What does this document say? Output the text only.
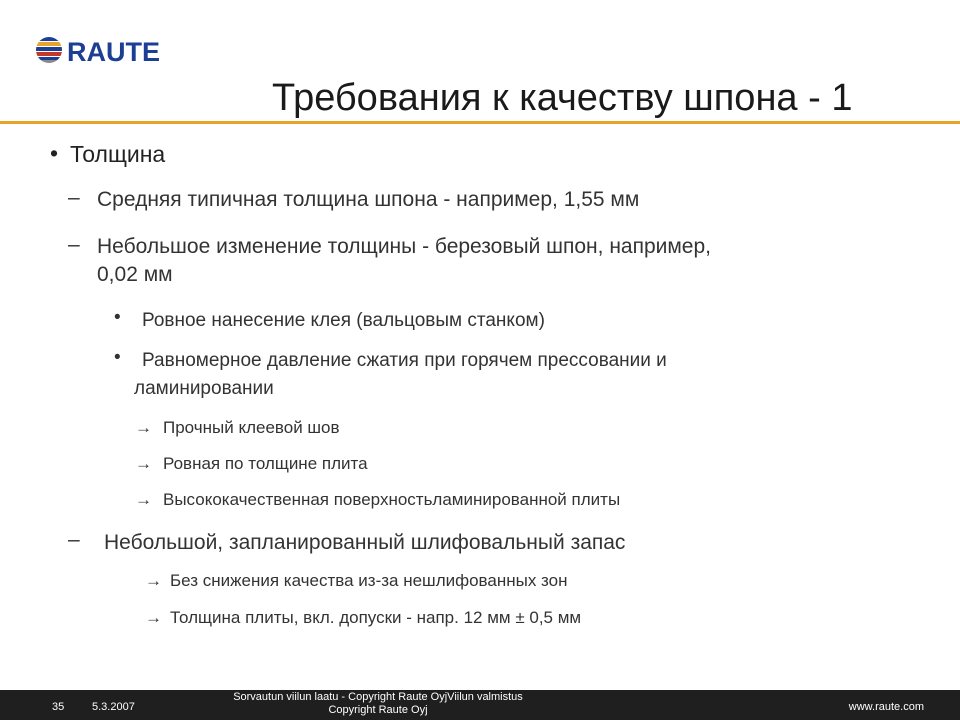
RAUTE
Требования к качеству шпона - 1
• Толщина
– Средняя типичная толщина шпона - например, 1,55 мм
– Небольшое изменение толщины - березовый шпон, например,
0,02 мм
• Ровное нанесение клея (вальцовым станком)
• Равномерное давление сжатия при горячем прессовании и
ламинировании
→ Прочный клеевой шов
→ Ровная по толщине плита
→ Высококачественная поверхностьламинированной плиты
– Небольшой, запланированный шлифовальный запас
→ Без снижения качества из-за нешлифованных зон
→ Толщина плиты, вкл. допуски - напр. 12 мм ± 0,5 мм
35	5.3.2007
Sorvautun viilun laatu - Copyright Raute OyjViilun valmistus
Copyright Raute Oyj	www.raute.com
